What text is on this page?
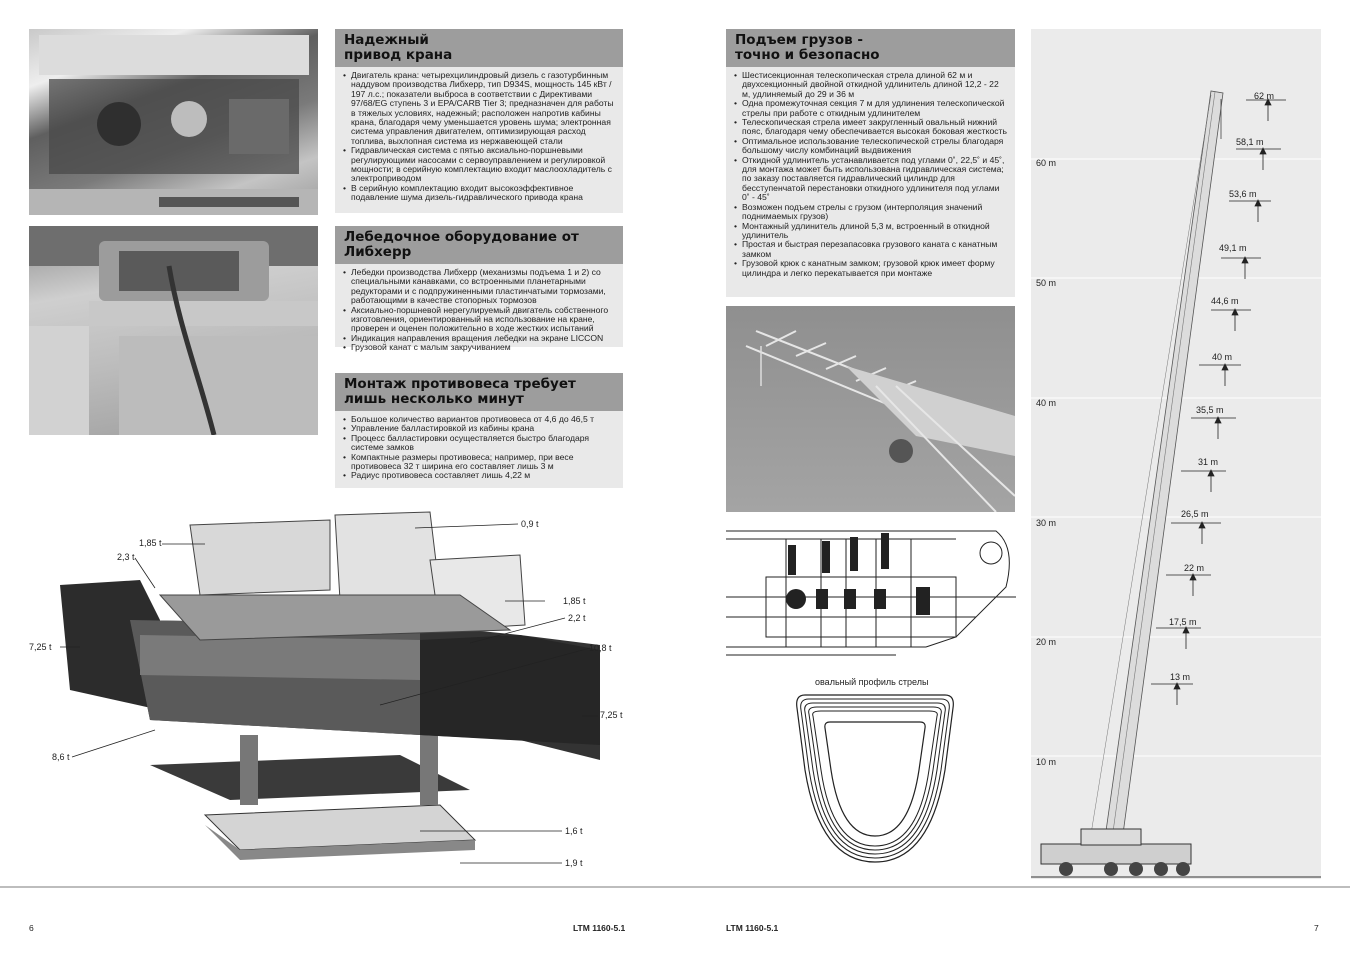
Надежный
привод крана
• Двигатель крана: четырехцилиндровый дизель с газотурбинным наддувом производства Либхерр, тип D934S, мощность 145 кВт / 197 л.с.; показатели выброса в соответствии с Директивами 97/68/EG ступень 3 и EPA/CARB Tier 3; предназначен для работы в тяжелых условиях, надежный; расположен напротив кабины крана, благодаря чему уменьшается уровень шума; электронная система управления двигателем, оптимизирующая расход топлива, выхлопная система из нержавеющей стали
• Гидравлическая система с пятью аксиально-поршневыми регулирующими насосами с сервоуправлением и регулировкой мощности; в серийную комплектацию входит маслоохладитель с электроприводом
• В серийную комплектацию входит высокоэффективное подавление шума дизель-гидравлического привода крана
Лебедочное оборудование от Либхерр
• Лебедки производства Либхерр (механизмы подъема 1 и 2) со специальными канавками, со встроенными планетарными редукторами и с подпружиненными пластинчатыми тормозами, работающими в качестве стопорных тормозов
• Аксиально-поршневой нерегулируемый двигатель собственного изготовления, ориентированный на использование на кране, проверен и оценен положительно в ходе жестких испытаний
• Индикация направления вращения лебедки на экране LICCON
• Грузовой канат с малым закручиванием
Монтаж противовеса требует
лишь несколько минут
• Большое количество вариантов противовеса от 4,6 до 46,5 т
• Управление балластировкой из кабины крана
• Процесс балластировки осуществляется быстро благодаря системе замков
• Компактные размеры противовеса; например, при весе противовеса 32 т ширина его составляет лишь 3 м
• Радиус противовеса составляет лишь 4,22 м
1,85 t
0,9 t
2,3 t
1,85 t
2,2 t
7,25 t	10,8 t
7,25 t
8,6 t
1,6 t
1,9 t
Подъем грузов -
точно и безопасно
• Шестисекционная телескопическая стрела длиной 62 м и двухсекционный двойной откидной удлинитель длиной 12,2 - 22 м, удлиняемый до 29 и 36 м
• Одна промежуточная секция 7 м для удлинения телескопической стрелы при работе с откидным удлинителем
• Телескопическая стрела имеет закругленный овальный нижний пояс, благодаря чему обеспечивается высокая боковая жесткость
• Оптимальное использование телескопической стрелы благодаря большому числу комбинаций выдвижения
• Откидной удлинитель устанавливается под углами 0˚, 22,5˚ и 45˚, для монтажа может быть использована гидравлическая система; по заказу поставляется гидравлический цилиндр для бесступенчатой перестановки откидного удлинителя под углами 0˚ - 45˚
• Возможен подъем стрелы с грузом (интерполяция значений поднимаемых грузов)
• Монтажный удлинитель длиной 5,3 м, встроенный в откидной удлинитель
• Простая и быстрая перезапасовка грузового каната с канатным замком
• Грузовой крюк с канатным замком; грузовой крюк имеет форму цилиндра и легко перекатывается при монтаже
овальный профиль стрелы
60 m
50 m
40 m
30 m
20 m
10 m
62 m
58,1 m
53,6 m
49,1 m
44,6 m
40 m
35,5 m
31 m
26,5 m
22 m
17,5 m
13 m
6	LTM 1160-5.1	LTM 1160-5.1	7
